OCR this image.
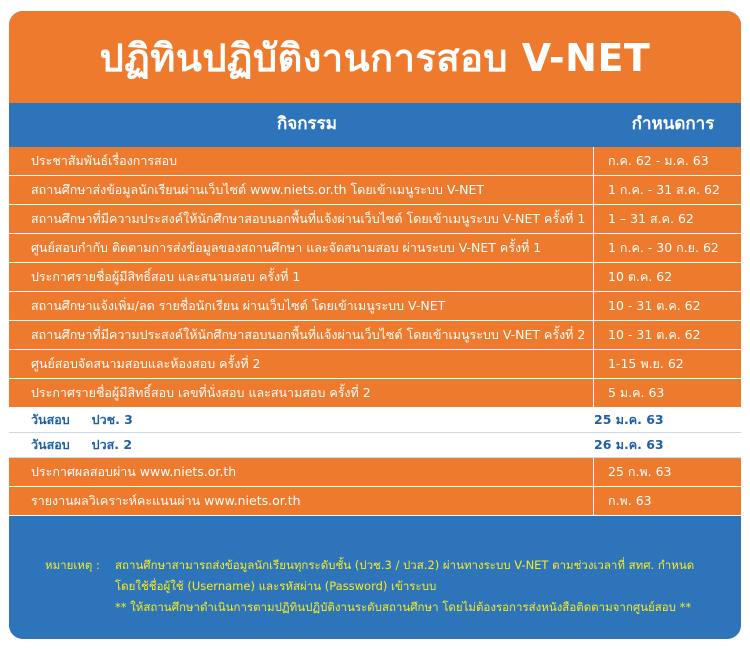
ปฏิทินปฏิบัติงานการสอบ V-NET
กิจกรรม	กำหนดการ
ประชาสัมพันธ์เรื่องการสอบ	ก.ค. 62 - ม.ค. 63
สถานศึกษาส่งข้อมูลนักเรียนผ่านเว็บไซต์ www.niets.or.th โดยเข้าเมนูระบบ V-NET	1 ก.ค. - 31 ส.ค. 62
สถานศึกษาที่มีความประสงค์ให้นักศึกษาสอบนอกพื้นที่แจ้งผ่านเว็บไซต์ โดยเข้าเมนูระบบ V-NET ครั้งที่ 1	1 – 31 ส.ค. 62
ศูนย์สอบกำกับ ติดตามการส่งข้อมูลของสถานศึกษา และจัดสนามสอบ ผ่านระบบ V-NET ครั้งที่ 1	1 ก.ค. - 30 ก.ย. 62
ประกาศรายชื่อผู้มีสิทธิ์สอบ และสนามสอบ ครั้งที่ 1	10 ต.ค. 62
สถานศึกษาแจ้งเพิ่ม/ลด รายชื่อนักเรียน ผ่านเว็บไซต์ โดยเข้าเมนูระบบ V-NET	10 - 31 ต.ค. 62
สถานศึกษาที่มีความประสงค์ให้นักศึกษาสอบนอกพื้นที่แจ้งผ่านเว็บไซต์ โดยเข้าเมนูระบบ V-NET ครั้งที่ 2	10 - 31 ต.ค. 62
ศูนย์สอบจัดสนามสอบและห้องสอบ ครั้งที่ 2	1-15 พ.ย. 62
ประกาศรายชื่อผู้มีสิทธิ์สอบ เลขที่นั่งสอบ และสนามสอบ ครั้งที่ 2	5 ม.ค. 63
วันสอบ ปวช. 3	25 ม.ค. 63
วันสอบ ปวส. 2	26 ม.ค. 63
ประกาศผลสอบผ่าน www.niets.or.th	25 ก.พ. 63
รายงานผลวิเคราะห์คะแนนผ่าน www.niets.or.th	ก.พ. 63
หมายเหตุ : สถานศึกษาสามารถส่งข้อมูลนักเรียนทุกระดับชั้น (ปวช.3 / ปวส.2) ผ่านทางระบบ V-NET ตามช่วงเวลาที่ สทศ. กำหนด
โดยใช้ชื่อผู้ใช้ (Username) และรหัสผ่าน (Password) เข้าระบบ
** ให้สถานศึกษาดำเนินการตามปฏิทินปฏิบัติงานระดับสถานศึกษา โดยไม่ต้องรอการส่งหนังสือติดตามจากศูนย์สอบ **
